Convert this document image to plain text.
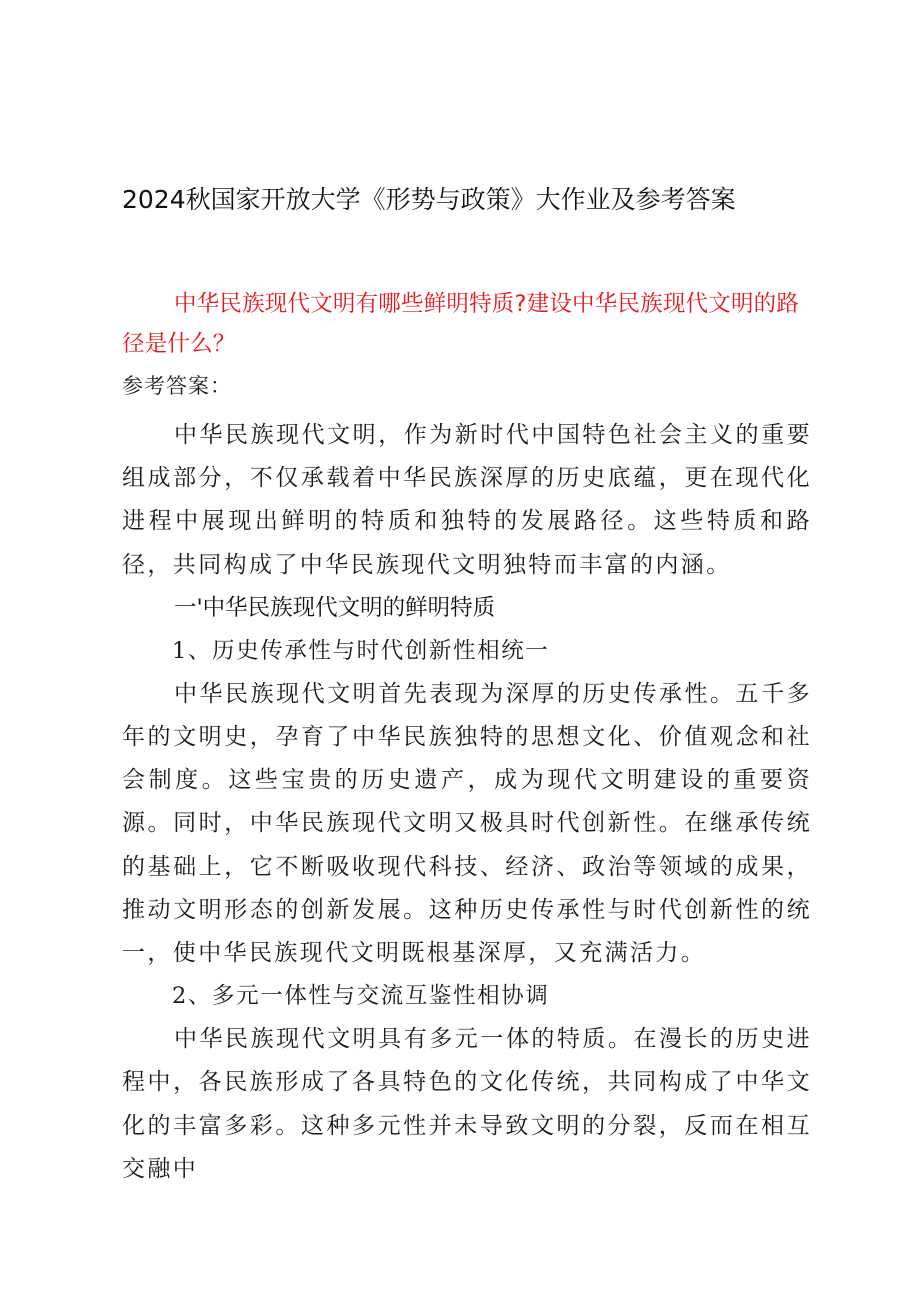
2024秋国家开放大学《形势与政策》大作业及参考答案
中华民族现代文明有哪些鲜明特质?建设中华民族现代文明的路径是什么？
参考答案：

中华民族现代文明，作为新时代中国特色社会主义的重要组成部分，不仅承载着中华民族深厚的历史底蕴，更在现代化进程中展现出鲜明的特质和独特的发展路径。这些特质和路径，共同构成了中华民族现代文明独特而丰富的内涵。

一'中华民族现代文明的鲜明特质

1、历史传承性与时代创新性相统一

中华民族现代文明首先表现为深厚的历史传承性。五千多年的文明史，孕育了中华民族独特的思想文化、价值观念和社会制度。这些宝贵的历史遗产，成为现代文明建设的重要资源。同时，中华民族现代文明又极具时代创新性。在继承传统的基础上，它不断吸收现代科技、经济、政治等领域的成果，推动文明形态的创新发展。这种历史传承性与时代创新性的统一，使中华民族现代文明既根基深厚，又充满活力。

2、多元一体性与交流互鉴性相协调

中华民族现代文明具有多元一体的特质。在漫长的历史进程中，各民族形成了各具特色的文化传统，共同构成了中华文化的丰富多彩。这种多元性并未导致文明的分裂，反而在相互交融中
